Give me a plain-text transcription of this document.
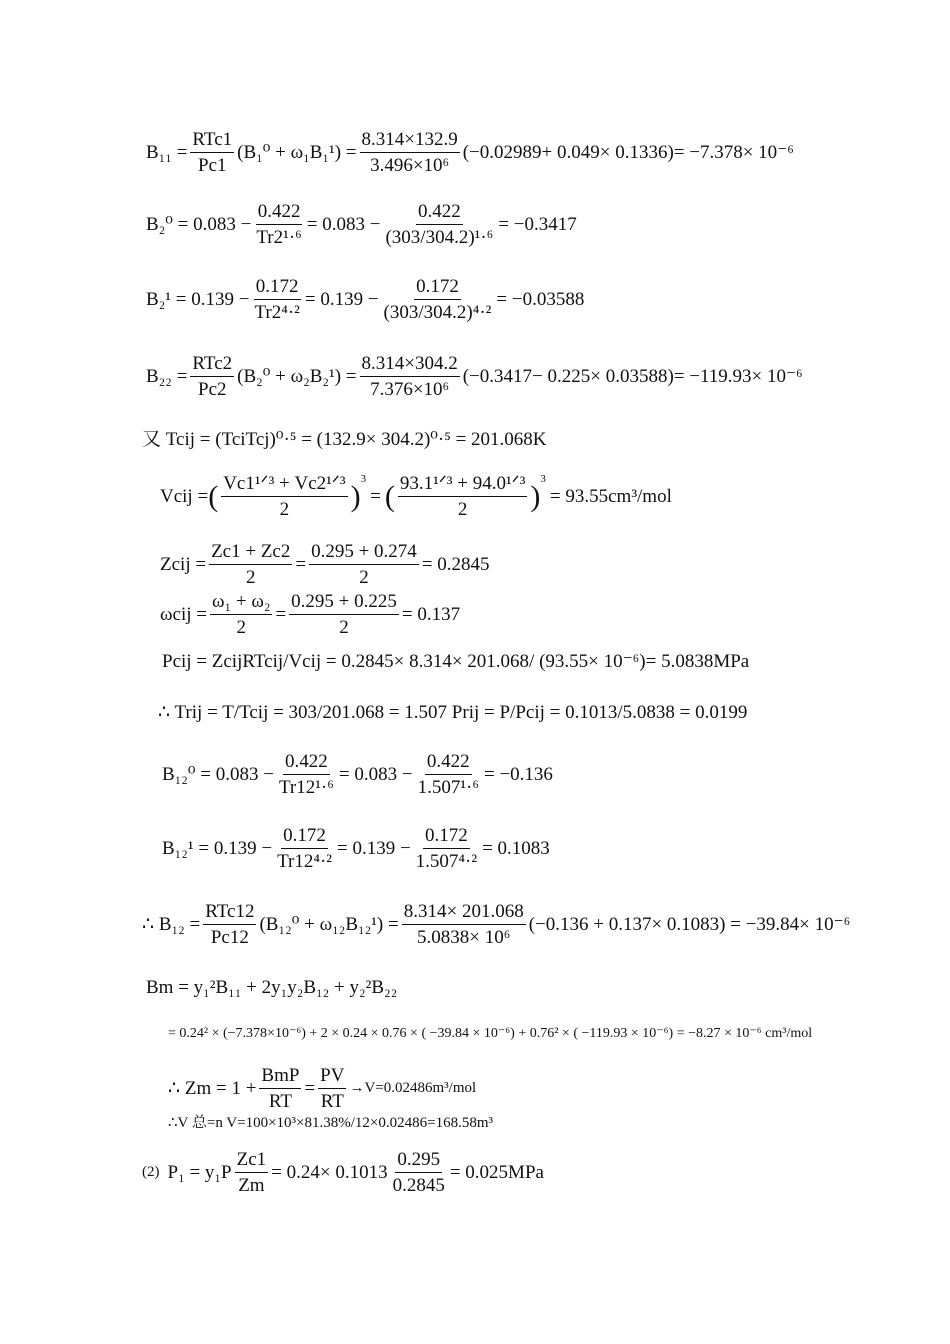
$B_{11} = \frac{\text{RTc1}}{Pc1} (B_1^0 + \omega_1B_1^1) = \frac{8.314\times 132.9}{\text{3.496×10⁶}} (-0.02989+ 0.049\times 0.1336)= -7.378\times 10^{-6}$
$B_2^0 = 0.083 - \frac{0.422}{\text{Tr2¹·⁶}} = 0.083 - \frac{0.422}{\text{(303/304.2)¹·⁶}} = -0.3417$
$B_2^1 = 0.139 - \frac{0.172}{\text{Tr2⁴·²}} = 0.139 - \frac{0.172}{\text{(303/304.2)⁴·²}} = -0.03588$
$B_{22} = \frac{\text{RTc2}}{Pc2} (B_2^0 + \omega_2B_2^1) = \frac{8.314\times 304.2}{\text{7.376×10⁶}} (-0.3417- 0.225\times 0.03588)= -119.93\times 10^{-6}$
又 Tcij = (TciTcj)⁰·⁵ = (132.9× 304.2)⁰·⁵ = 201.068K
Vcij = ( $\frac{\text{Vc1¹ᐟ³ + Vc2¹ᐟ³}}{2}$ )
$^3$
= ( $\frac{\text{93.1¹ᐟ³ + 94.0¹ᐟ³}}{2}$ )
$^3$
= 93.55cm³/mol
Zcij = $\frac{Zc1 + Zc2}{2} = \frac{0.295 + 0.274}{2} = 0.2845$
$\omega cij = \frac{\text{ω₁ + ω₂}}{2} = \frac{0.295 + 0.225}{2} = 0.137$
Pcij = ZcijRTcij/Vcij = 0.2845× 8.314× 201.068/ (93.55× 10⁻⁶)= 5.0838MPa
∴ Trij = T/Tcij = 303/201.068 = 1.507 Prij = P/Pcij = 0.1013/5.0838 = 0.0199
$B_{12}^0 = 0.083 - \frac{0.422}{\text{Tr12¹·⁶}} = 0.083 - \frac{0.422}{\text{1.507¹·⁶}} = -0.136$
$B_{12}^1 = 0.139 - \frac{0.172}{\text{Tr12⁴·²}} = 0.139 - \frac{0.172}{\text{1.507⁴·²}} = 0.1083$
∴ $B_{12} = \frac{\text{RTc12}}{Pc12} (B_{12}^0 + \omega_{12}B_{12}^1) = \frac{8.314\times 201.068}{\text{5.0838× 10⁶}} (-0.136 + 0.137\times 0.1083) = -39.84\times 10^{-6}$
Bm = y₁²B₁₁ + 2y₁y₂B₁₂ + y₂²B₂₂
= 0.24² × (−7.378×10⁻⁶) + 2 × 0.24 × 0.76 × ( −39.84 × 10⁻⁶) + 0.76² × ( −119.93 × 10⁻⁶) = −8.27 × 10⁻⁶ cm³/mol
∴ $Zm = 1 + \frac{\text{BmP}}{RT} = \frac{PV}{RT} \to V=0.02486m^3/mol$
∴V 总=n V=100×10³×81.38%/12×0.02486=168.58m³
(2) $P_1 = y_1P \frac{Zc1}{Zm} = 0.24\times 0.1013 \frac{0.295}{0.2845} = 0.025MPa$
